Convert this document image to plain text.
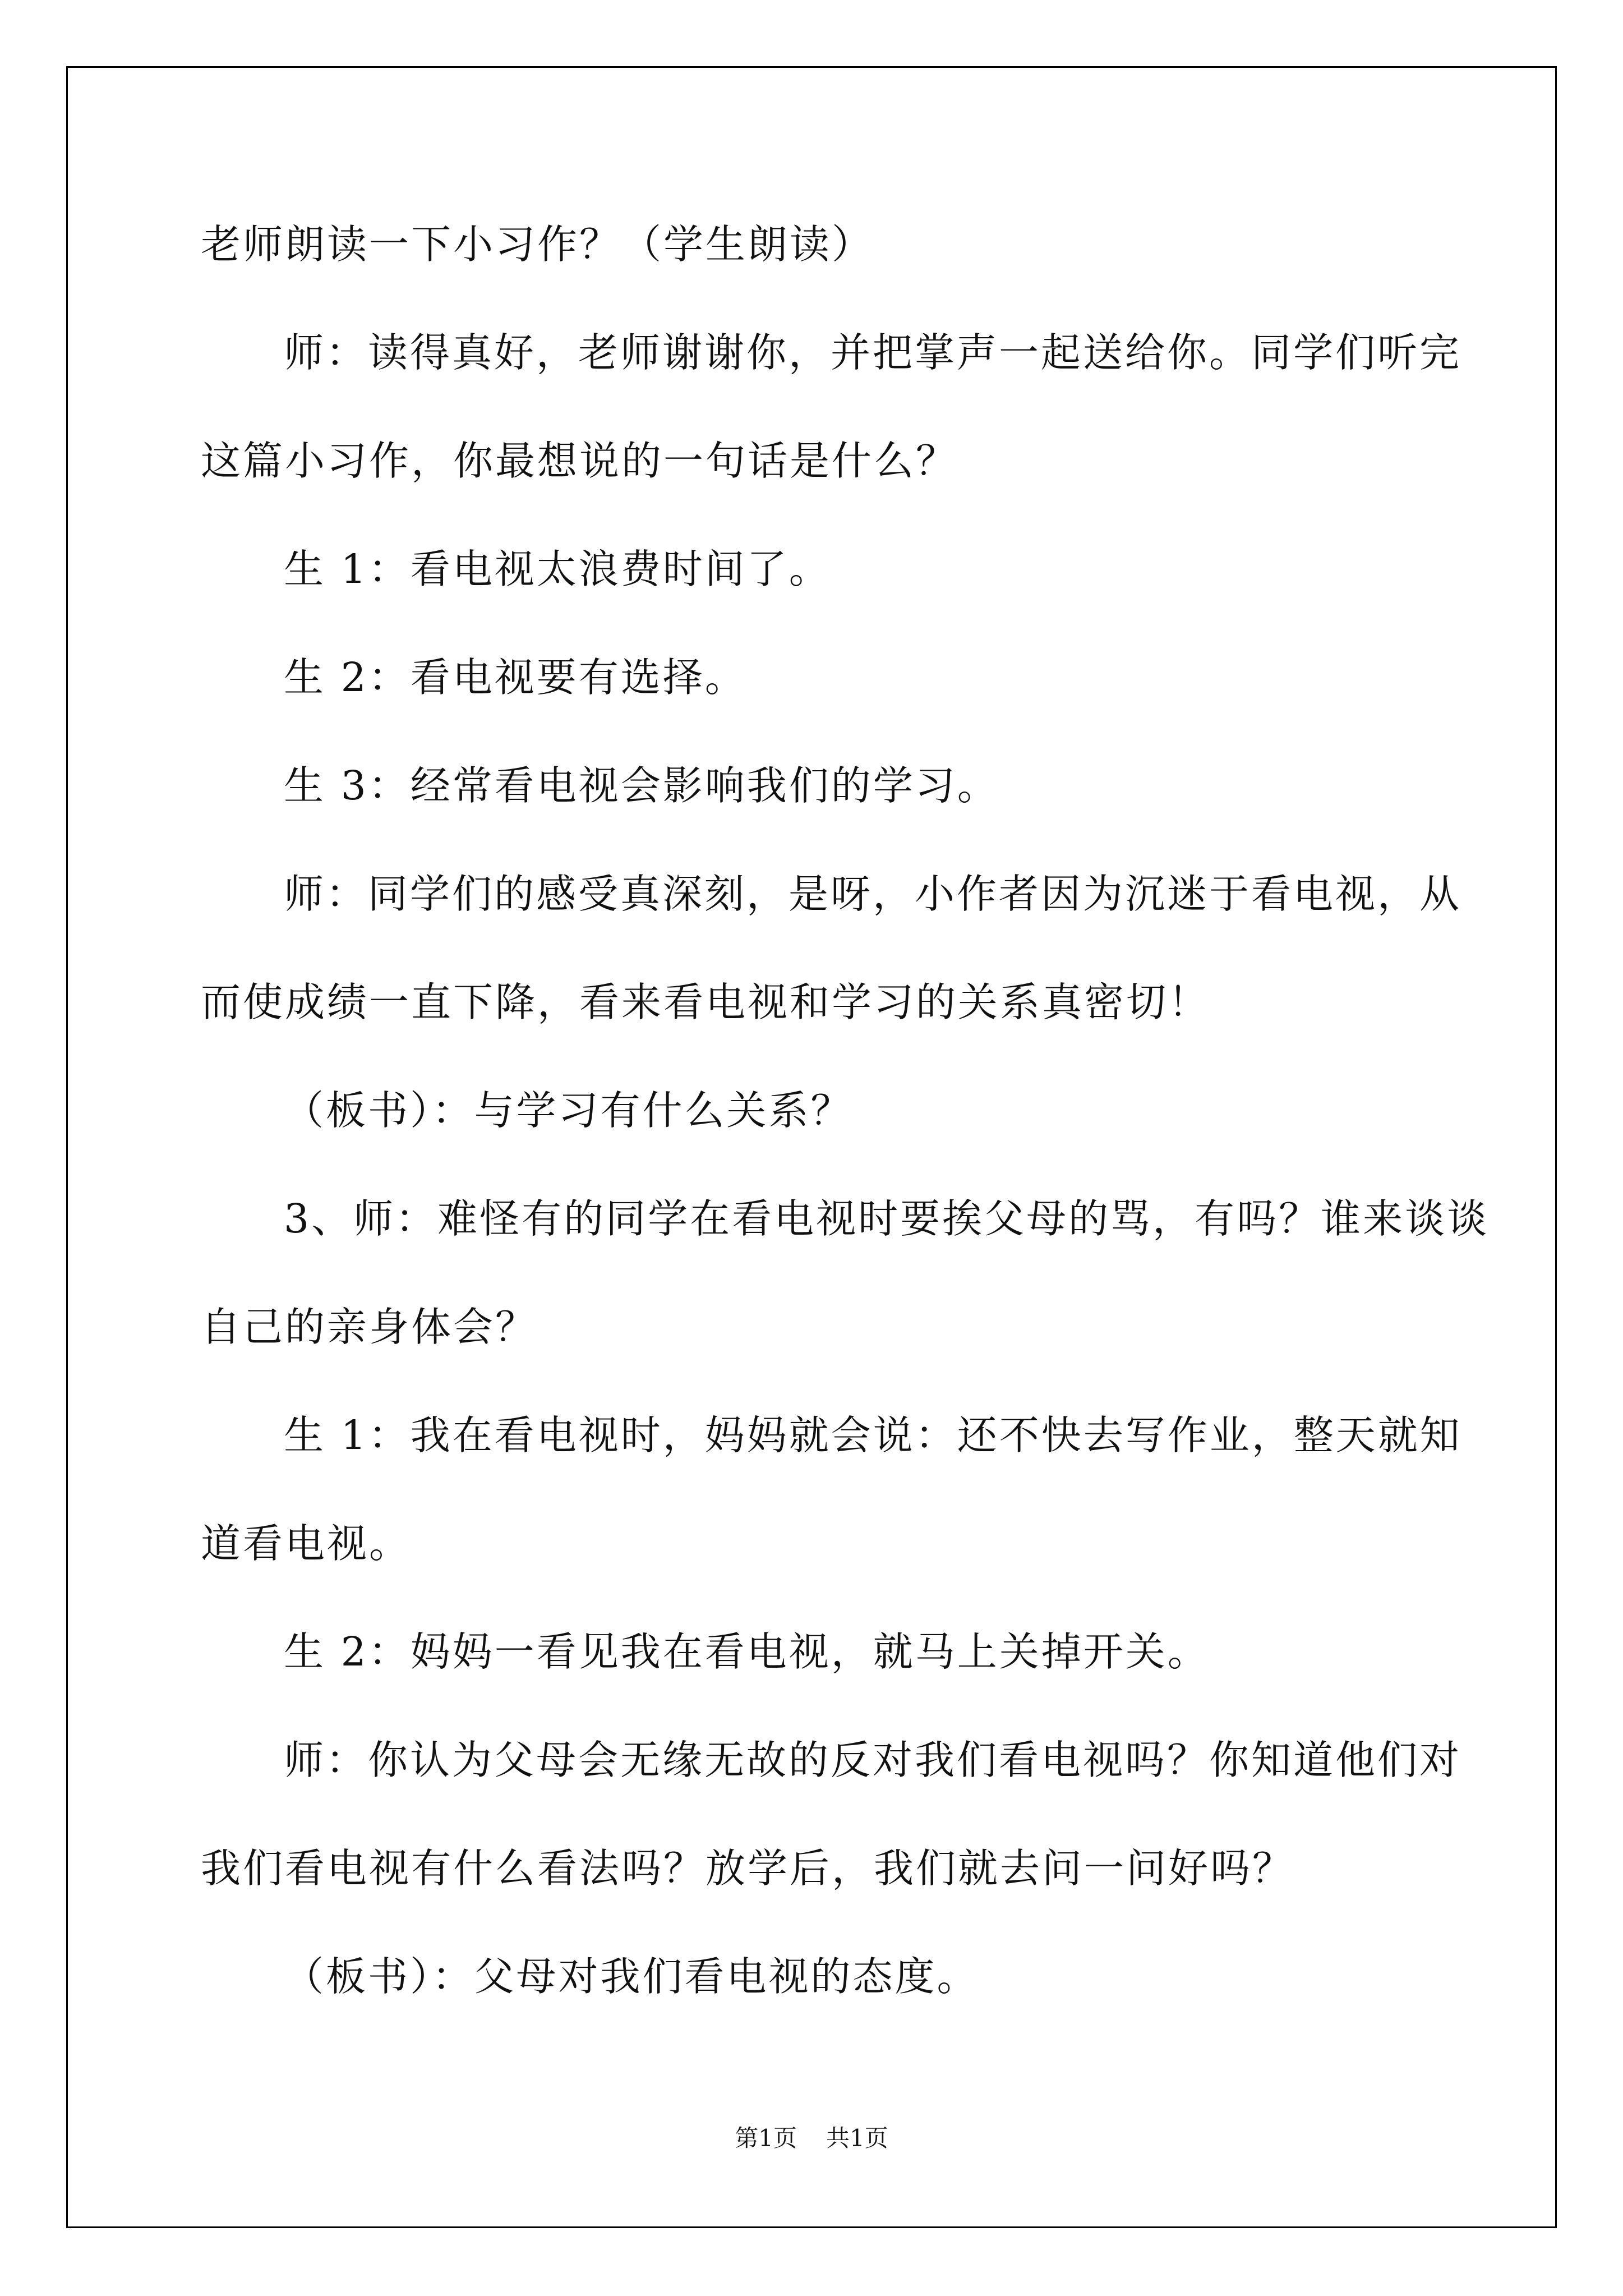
老师朗读一下小习作？（学生朗读）
师：读得真好，老师谢谢你，并把掌声一起送给你。同学们听完
这篇小习作，你最想说的一句话是什么？
生 1：看电视太浪费时间了。
生 2：看电视要有选择。
生 3：经常看电视会影响我们的学习。
师：同学们的感受真深刻，是呀，小作者因为沉迷于看电视，从
而使成绩一直下降，看来看电视和学习的关系真密切！
（板书）：与学习有什么关系？
3、师：难怪有的同学在看电视时要挨父母的骂，有吗？谁来谈谈
自己的亲身体会？
生 1：我在看电视时，妈妈就会说：还不快去写作业，整天就知
道看电视。
生 2：妈妈一看见我在看电视，就马上关掉开关。
师：你认为父母会无缘无故的反对我们看电视吗？你知道他们对
我们看电视有什么看法吗？放学后，我们就去问一问好吗？
（板书）：父母对我们看电视的态度。
第1页 共1页
